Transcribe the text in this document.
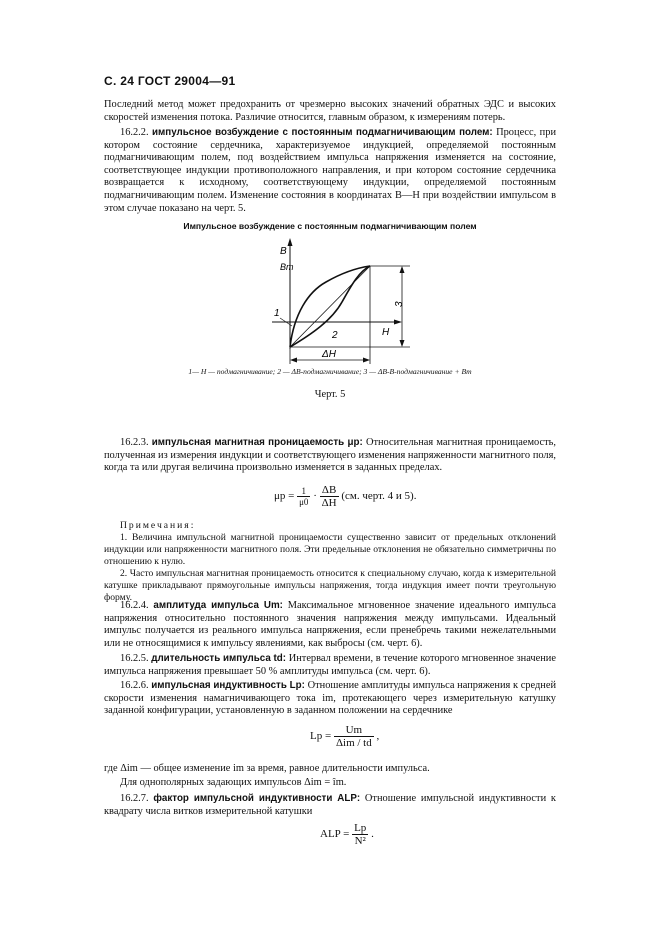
С. 24 ГОСТ 29004—91
Последний метод может предохранить от чрезмерно высоких значений обратных ЭДС и высоких скоростей изменения потока. Различие относится, главным образом, к измерениям потерь.
16.2.2. импульсное возбуждение с постоянным подмагничивающим полем: Процесс, при котором состояние сердечника, характеризуемое индукцией, определяемой постоянным подмагничивающим полем, под воздействием импульса напряжения изменяется на состояние, соответствующее индукции противоположного направления, и при котором состояние сердечника возвращается к исходному, соответствующему индукции, определяемой постоянным подмагничивающим полем. Изменение состояния в координатах B—H при воздействии импульсом в этом случае показано на черт. 5.
Импульсное возбуждение с постоянным подмагничивающим полем
B
Bm
H
3
ΔH
1
2
1— H — подмагничивание; 2 — ΔB-подмагничивание; 3 — ΔB-B-подмагничивание + Bm
Черт. 5
16.2.3. импульсная магнитная проницаемость μp: Относительная магнитная проницаемость, полученная из измерения индукции и соответствующего изменения напряженности магнитного поля, когда та или другая величина произвольно изменяется в заданных пределах.
$\mu p = \frac{1}{\mu 0} \cdot \frac{\Delta B}{\Delta H} (см$. черт. 4 и 5).
Примечания:
1. Величина импульсной магнитной проницаемости существенно зависит от предельных отклонений индукции или напряженности магнитного поля. Эти предельные отклонения не обязательно симметричны по отношению к нулю.
2. Часто импульсная магнитная проницаемость относится к специальному случаю, когда к измерительной катушке прикладывают прямоугольные импульсы напряжения, тогда индукция имеет почти треугольную форму.
16.2.4. амплитуда импульса Um: Максимальное мгновенное значение идеального импульса напряжения относительно постоянного значения напряжения между импульсами. Идеальный импульс получается из реального импульса напряжения, если пренебречь такими нежелательными или не относящимися к импульсу явлениями, как выбросы (см. черт. 6).
16.2.5. длительность импульса td: Интервал времени, в течение которого мгновенное значение импульса напряжения превышает 50 % амплитуды импульса (см. черт. 6).
16.2.6. импульсная индуктивность Lp: Отношение амплитуды импульса напряжения к средней скорости изменения намагничивающего тока im, протекающего через измерительную катушку заданной конфигурации, установленную в заданном положении на сердечнике
$Lp = \frac{Um}{\text{Δim / td}}$ ,
где Δim — общее изменение im за время, равное длительности импульса.
Для однополярных задающих импульсов Δim = îm.
16.2.7. фактор импульсной индуктивности ALP: Отношение импульсной индуктивности к квадрату числа витков измерительной катушки
ALP = $\frac{Lp}{\text{N²}}$ .
